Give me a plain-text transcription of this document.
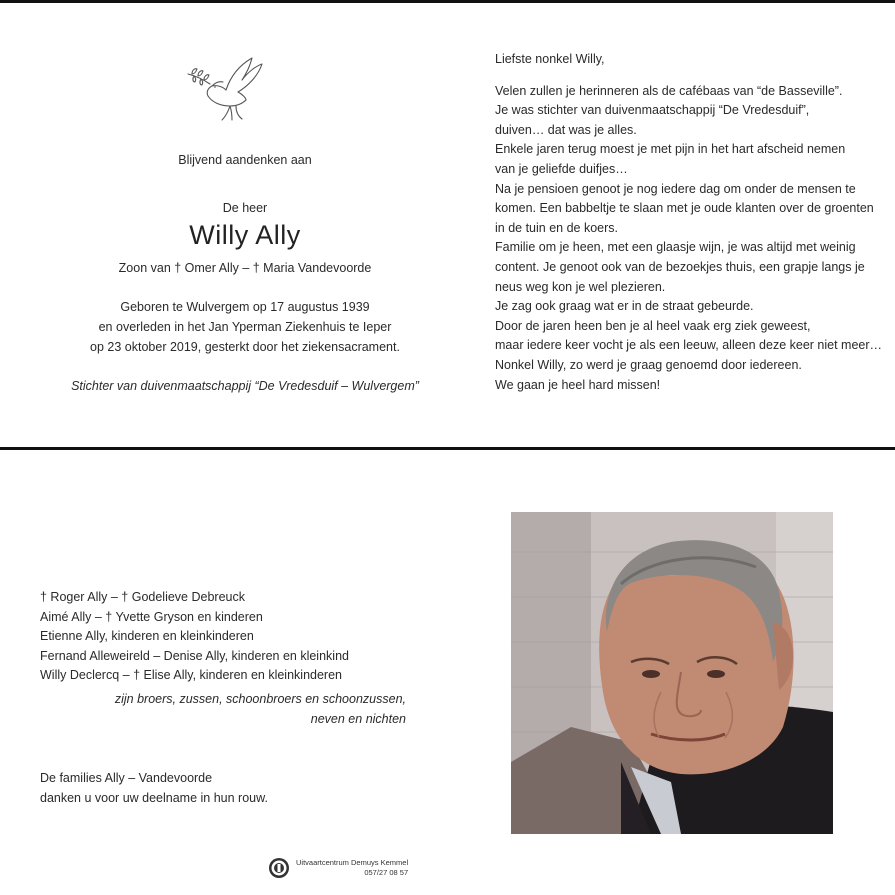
Blijvend aandenken aan
De heer
Willy Ally
Zoon van † Omer Ally – † Maria Vandevoorde
Geboren te Wulvergem op 17 augustus 1939
en overleden in het Jan Yperman Ziekenhuis te Ieper
op 23 oktober 2019, gesterkt door het ziekensacrament.
Stichter van duivenmaatschappij “De Vredesduif – Wulvergem”
Liefste nonkel Willy,
Velen zullen je herinneren als de cafébaas van “de Basseville”.
Je was stichter van duivenmaatschappij “De Vredesduif”,
duiven… dat was je alles.
Enkele jaren terug moest je met pijn in het hart afscheid nemen
van je geliefde duifjes…
Na je pensioen genoot je nog iedere dag om onder de mensen te
komen. Een babbeltje te slaan met je oude klanten over de groenten
in de tuin en de koers.
Familie om je heen, met een glaasje wijn, je was altijd met weinig
content. Je genoot ook van de bezoekjes thuis, een grapje langs je
neus weg kon je wel plezieren.
Je zag ook graag wat er in de straat gebeurde.
Door de jaren heen ben je al heel vaak erg ziek geweest,
maar iedere keer vocht je als een leeuw, alleen deze keer niet meer…
Nonkel Willy, zo werd je graag genoemd door iedereen.
We gaan je heel hard missen!
† Roger Ally – † Godelieve Debreuck
Aimé Ally – † Yvette Gryson en kinderen
Etienne Ally, kinderen en kleinkinderen
Fernand Alleweireld – Denise Ally, kinderen en kleinkind
Willy Declercq – † Elise Ally, kinderen en kleinkinderen
zijn broers, zussen, schoonbroers en schoonzussen,
neven en nichten
De families Ally – Vandevoorde
danken u voor uw deelname in hun rouw.
Uitvaartcentrum Demuys Kemmel
057/27 08 57
